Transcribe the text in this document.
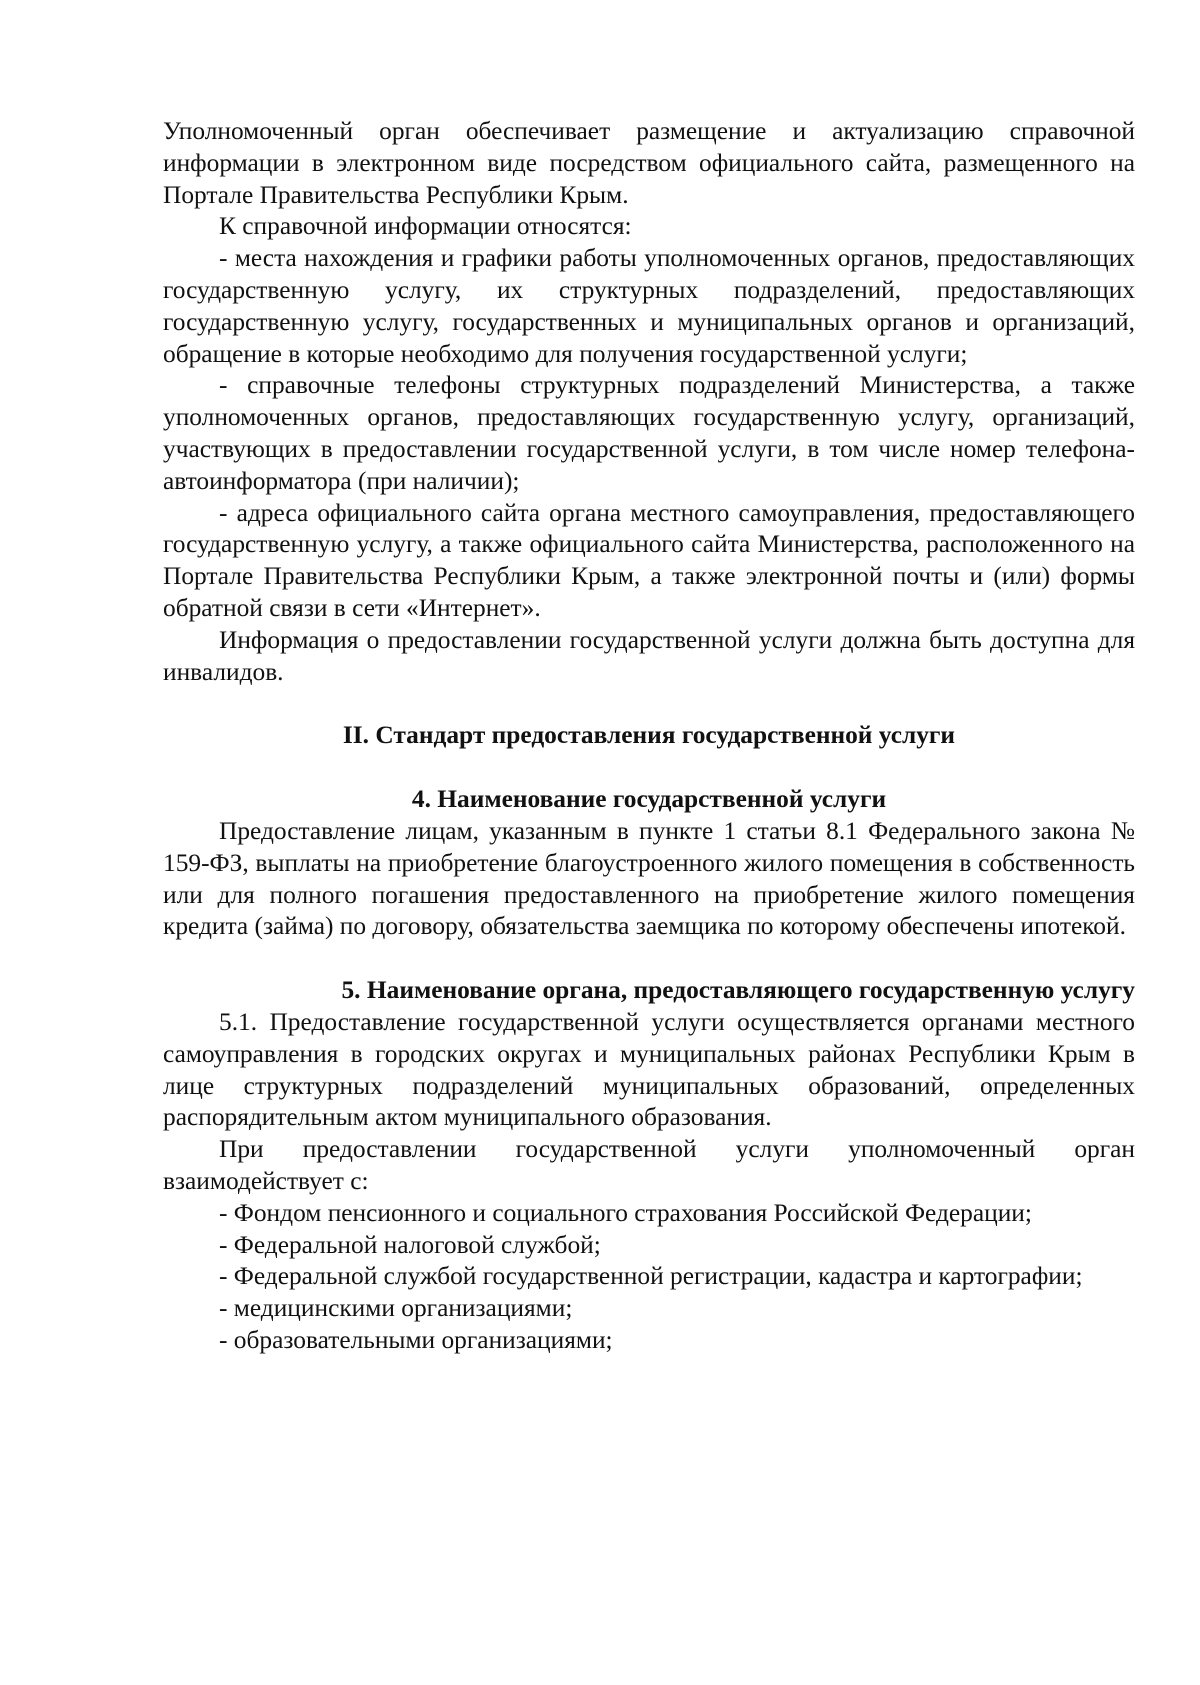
Уполномоченный орган обеспечивает размещение и актуализацию справочной информации в электронном виде посредством официального сайта, размещенного на Портале Правительства Республики Крым.

К справочной информации относятся:

- места нахождения и графики работы уполномоченных органов, предоставляющих государственную услугу, их структурных подразделений, предоставляющих государственную услугу, государственных и муниципальных органов и организаций, обращение в которые необходимо для получения государственной услуги;

- справочные телефоны структурных подразделений Министерства, а также уполномоченных органов, предоставляющих государственную услугу, организаций, участвующих в предоставлении государственной услуги, в том числе номер телефона-автоинформатора (при наличии);

- адреса официального сайта органа местного самоуправления, предоставляющего государственную услугу, а также официального сайта Министерства, расположенного на Портале Правительства Республики Крым, а также электронной почты и (или) формы обратной связи в сети «Интернет».

Информация о предоставлении государственной услуги должна быть доступна для инвалидов.

II. Стандарт предоставления государственной услуги
4. Наименование государственной услуги

Предоставление лицам, указанным в пункте 1 статьи 8.1 Федерального закона № 159-ФЗ, выплаты на приобретение благоустроенного жилого помещения в собственность или для полного погашения предоставленного на приобретение жилого помещения кредита (займа) по договору, обязательства заемщика по которому обеспечены ипотекой.

5. Наименование органа, предоставляющего государственную услугу

5.1. Предоставление государственной услуги осуществляется органами местного самоуправления в городских округах и муниципальных районах Республики Крым в лице структурных подразделений муниципальных образований, определенных распорядительным актом муниципального образования.

При предоставлении государственной услуги уполномоченный орган взаимодействует с:

- Фондом пенсионного и социального страхования Российской Федерации;

- Федеральной налоговой службой;

- Федеральной службой государственной регистрации, кадастра и картографии;

- медицинскими организациями;

- образовательными организациями;
